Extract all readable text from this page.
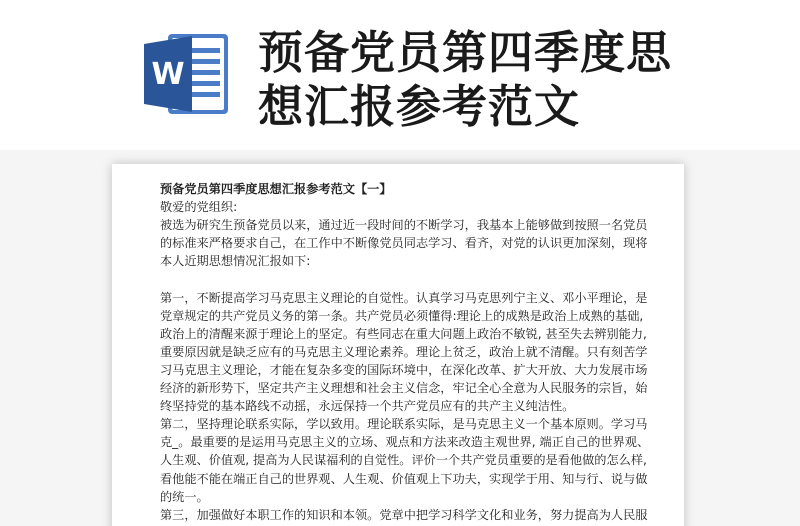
W 预备党员第四季度思
想汇报参考范文
预备党员第四季度思想汇报参考范文【一】
敬爱的党组织:
被选为研究生预备党员以来，通过近一段时间的不断学习，我基本上能够做到按照一名党员
的标准来严格要求自己，在工作中不断像党员同志学习、看齐，对党的认识更加深刻，现将
本人近期思想情况汇报如下:
第一，不断提高学习马克思主义理论的自觉性。认真学习马克思列宁主义、邓小平理论，是
党章规定的共产党员义务的第一条。共产党员必须懂得:理论上的成熟是政治上成熟的基础,
政治上的清醒来源于理论上的坚定。有些同志在重大问题上政治不敏锐, 甚至失去辨别能力,
重要原因就是缺乏应有的马克思主义理论素养。理论上贫乏，政治上就不清醒。只有刻苦学
习马克思主义理论，才能在复杂多变的国际环境中，在深化改革、扩大开放、大力发展市场
经济的新形势下，坚定共产主义理想和社会主义信念，牢记全心全意为人民服务的宗旨，始
终坚持党的基本路线不动摇，永远保持一个共产党员应有的共产主义纯洁性。
第二，坚持理论联系实际，学以致用。理论联系实际，是马克思主义一个基本原则。学习马
克_。最重要的是运用马克思主义的立场、观点和方法来改造主观世界, 端正自己的世界观、
人生观、价值观, 提高为人民谋福利的自觉性。评价一个共产党员重要的是看他做的怎么样,
看他能不能在端正自己的世界观、人生观、价值观上下功夫，实现学于用、知与行、说与做
的统一。
第三，加强做好本职工作的知识和本领。党章中把学习科学文化和业务，努力提高为人民服
